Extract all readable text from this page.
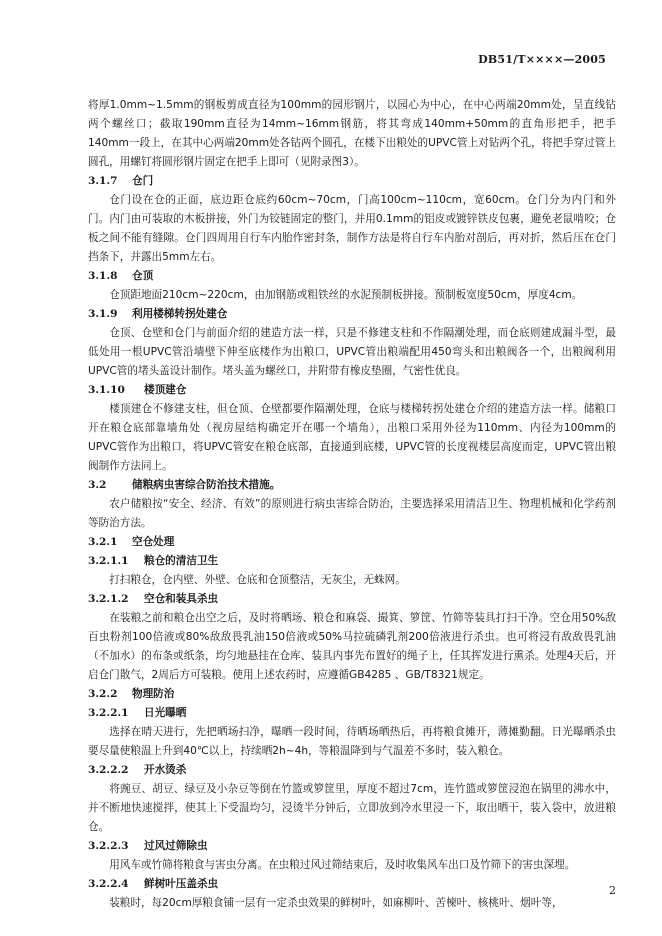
DB51/T××××—2005

将厚1.0mm~1.5mm的钢板剪成直径为100mm的园形钢片，以园心为中心，在中心两端20mm处，呈直线钻两个螺丝口；截取190mm直径为14mm~16mm钢筋，将其弯成140mm+50mm的直角形把手，把手140mm一段上，在其中心两端20mm处各钻两个圆孔，在楼下出粮处的UPVC管上对钻两个孔，将把手穿过管上圆孔，用螺钉将圆形钢片固定在把手上即可（见附录图3）。

3.1.7 仓门

仓门设在仓的正面，底边距仓底约60cm~70cm，门高100cm~110cm，宽60cm。仓门分为内门和外门。内门由可装取的木板拼接，外门为铰链固定的整门，并用0.1mm的铝皮或镀锌铁皮包裹，避免老鼠啃咬；仓板之间不能有缝隙。仓门四周用自行车内胎作密封条，制作方法是将自行车内胎对剖后，再对折，然后压在仓门挡条下，并露出5mm左右。

3.1.8 仓顶

仓顶距地面210cm~220cm，由加钢筋或粗铁丝的水泥预制板拼接。预制板宽度50cm，厚度4cm。

3.1.9 利用楼梯转拐处建仓

仓顶、仓壁和仓门与前面介绍的建造方法一样，只是不修建支柱和不作隔潮处理，而仓底则建成漏斗型，最低处用一根UPVC管沿墙壁下伸至底楼作为出粮口，UPVC管出粮端配用450弯头和出粮阀各一个，出粮阀利用UPVC管的堵头盖设计制作。堵头盖为螺丝口，并附带有橡皮垫圈，气密性优良。

3.1.10 楼顶建仓

楼顶建仓不修建支柱，但仓顶、仓壁都要作隔潮处理，仓底与楼梯转拐处建仓介绍的建造方法一样。储粮口开在粮仓底部靠墙角处（视房屋结构确定开在哪一个墙角），出粮口采用外径为110mm、内径为100mm的UPVC管作为出粮口，将UPVC管安在粮仓底部，直接通到底楼，UPVC管的长度视楼层高度而定，UPVC管出粮阀制作方法同上。

3.2 储粮病虫害综合防治技术措施。

农户储粮按“安全、经济、有效”的原则进行病虫害综合防治，主要选择采用清洁卫生、物理机械和化学药剂等防治方法。

3.2.1 空仓处理
3.2.1.1 粮仓的清洁卫生

打扫粮仓，仓内壁、外壁、仓底和仓顶整洁，无灰尘，无蛛网。

3.2.1.2 空仓和装具杀虫

在装粮之前和粮仓出空之后，及时将晒场、粮仓和麻袋、撮箕、箩筐、竹筛等装具打扫干净。空仓用50%敌百虫粉剂100倍液或80%敌敌畏乳油150倍液或50%马拉硫磷乳剂200倍液进行杀虫。也可将浸有敌敌畏乳油（不加水）的布条或纸条，均匀地悬挂在仓库、装具内事先布置好的绳子上，任其挥发进行熏杀。处理4天后，开启仓门散气，2周后方可装粮。使用上述农药时，应遵循GB4285 、GB/T8321规定。

3.2.2 物理防治
3.2.2.1 日光曝晒

选择在晴天进行，先把晒场扫净，曝晒一段时间，待晒场晒热后，再将粮食摊开，薄摊勤翻。日光曝晒杀虫要尽量使粮温上升到40℃以上，持续晒2h~4h，等粮温降到与气温差不多时，装入粮仓。

3.2.2.2 开水烫杀

将豌豆、胡豆、绿豆及小杂豆等倒在竹篮或箩筐里，厚度不超过7cm，连竹篮或箩筐浸泡在锅里的沸水中，并不断地快速搅拌，使其上下受温均匀，浸烫半分钟后，立即放到冷水里浸一下，取出晒干，装入袋中，放进粮仓。

3.2.2.3 过风过筛除虫

用风车或竹筛将粮食与害虫分离。在虫粮过风过筛结束后，及时收集风车出口及竹筛下的害虫深埋。

3.2.2.4 鲜树叶压盖杀虫

装粮时，每20cm厚粮食铺一层有一定杀虫效果的鲜树叶，如麻柳叶、苦楝叶、核桃叶、烟叶等，

2
